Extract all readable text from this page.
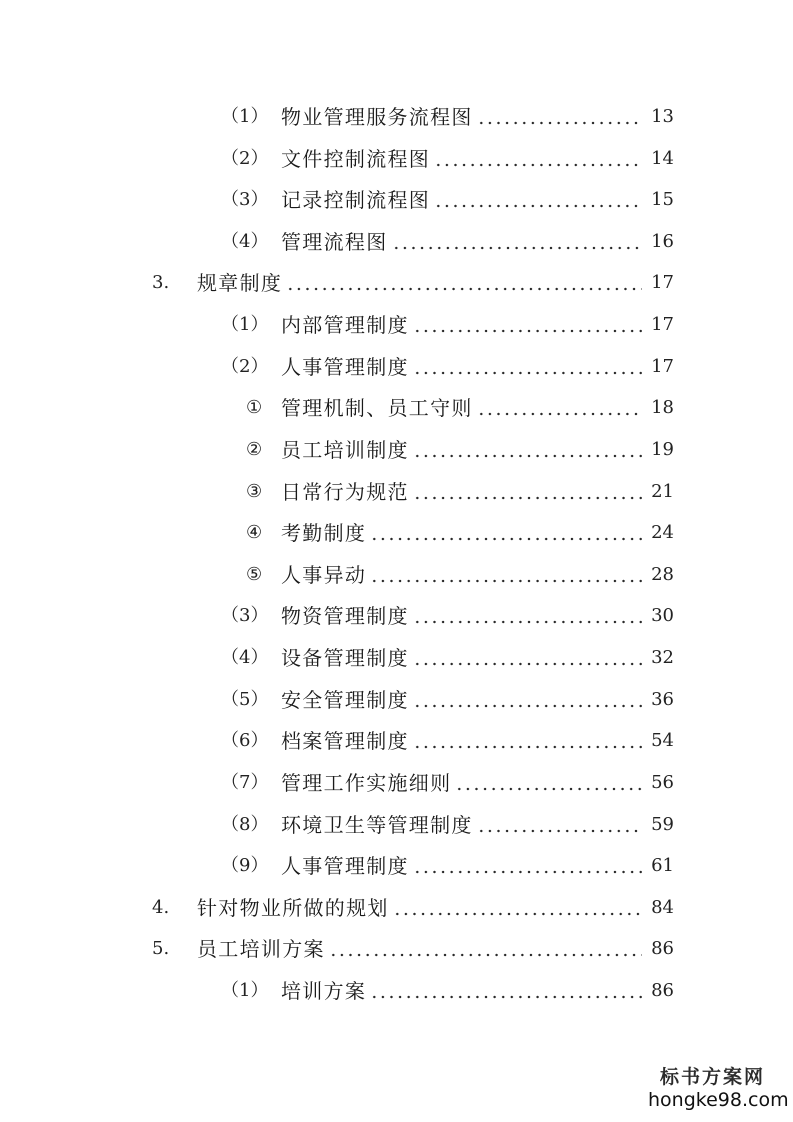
（1） 物业管理服务流程图	13
（2） 文件控制流程图	14
（3） 记录控制流程图	15
（4） 管理流程图	16
3.	规章制度	17
（1） 内部管理制度	17
（2） 人事管理制度	17
① 管理机制、员工守则	18
② 员工培训制度	19
③ 日常行为规范	21
④ 考勤制度	24
⑤ 人事异动	28
（3） 物资管理制度	30
（4） 设备管理制度	32
（5） 安全管理制度	36
（6） 档案管理制度	54
（7） 管理工作实施细则	56
（8） 环境卫生等管理制度	59
（9） 人事管理制度	61
4.	针对物业所做的规划	84
5.	员工培训方案	86
（1） 培训方案	86
标书方案网
hongke98.com
